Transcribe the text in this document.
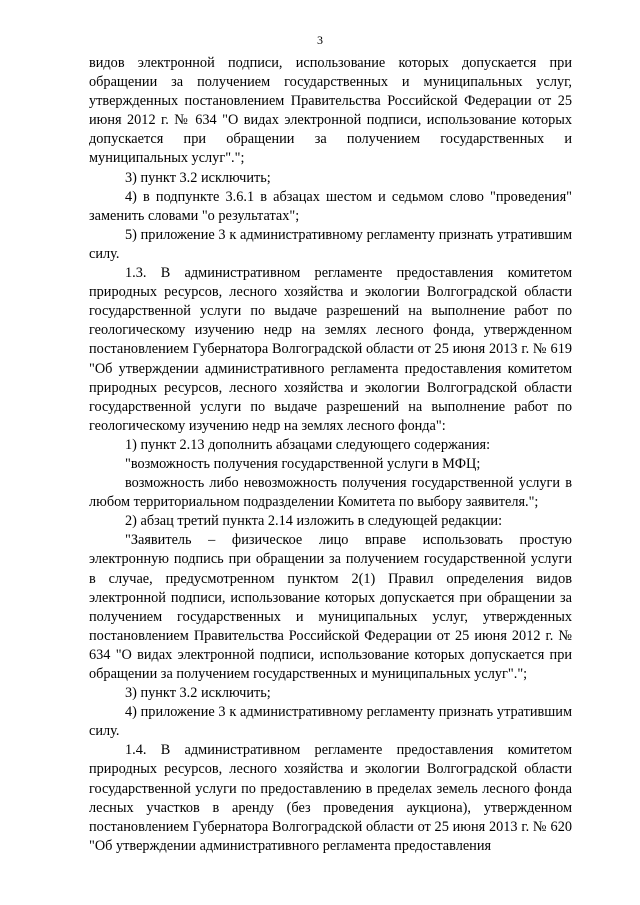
3

видов электронной подписи, использование которых допускается при обращении за получением государственных и муниципальных услуг, утвержденных постановлением Правительства Российской Федерации от 25 июня 2012 г. № 634 "О видах электронной подписи, использование которых допускается при обращении за получением государственных и муниципальных услуг".";

3) пункт 3.2 исключить;

4) в подпункте 3.6.1 в абзацах шестом и седьмом слово "проведения" заменить словами "о результатах";

5) приложение 3 к административному регламенту признать утратившим силу.

1.3. В административном регламенте предоставления комитетом природных ресурсов, лесного хозяйства и экологии Волгоградской области государственной услуги по выдаче разрешений на выполнение работ по геологическому изучению недр на землях лесного фонда, утвержденном постановлением Губернатора Волгоградской области от 25 июня 2013 г. № 619 "Об утверждении административного регламента предоставления комитетом природных ресурсов, лесного хозяйства и экологии Волгоградской области государственной услуги по выдаче разрешений на выполнение работ по геологическому изучению недр на землях лесного фонда":

1) пункт 2.13 дополнить абзацами следующего содержания:

"возможность получения государственной услуги в МФЦ;

возможность либо невозможность получения государственной услуги в любом территориальном подразделении Комитета по выбору заявителя.";

2) абзац третий пункта 2.14 изложить в следующей редакции:

"Заявитель – физическое лицо вправе использовать простую электронную подпись при обращении за получением государственной услуги в случае, предусмотренном пунктом 2(1) Правил определения видов электронной подписи, использование которых допускается при обращении за получением государственных и муниципальных услуг, утвержденных постановлением Правительства Российской Федерации от 25 июня 2012 г. № 634 "О видах электронной подписи, использование которых допускается при обращении за получением государственных и муниципальных услуг".";

3) пункт 3.2 исключить;

4) приложение 3 к административному регламенту признать утратившим силу.

1.4. В административном регламенте предоставления комитетом природных ресурсов, лесного хозяйства и экологии Волгоградской области государственной услуги по предоставлению в пределах земель лесного фонда лесных участков в аренду (без проведения аукциона), утвержденном постановлением Губернатора Волгоградской области от 25 июня 2013 г. № 620 "Об утверждении административного регламента предоставления
